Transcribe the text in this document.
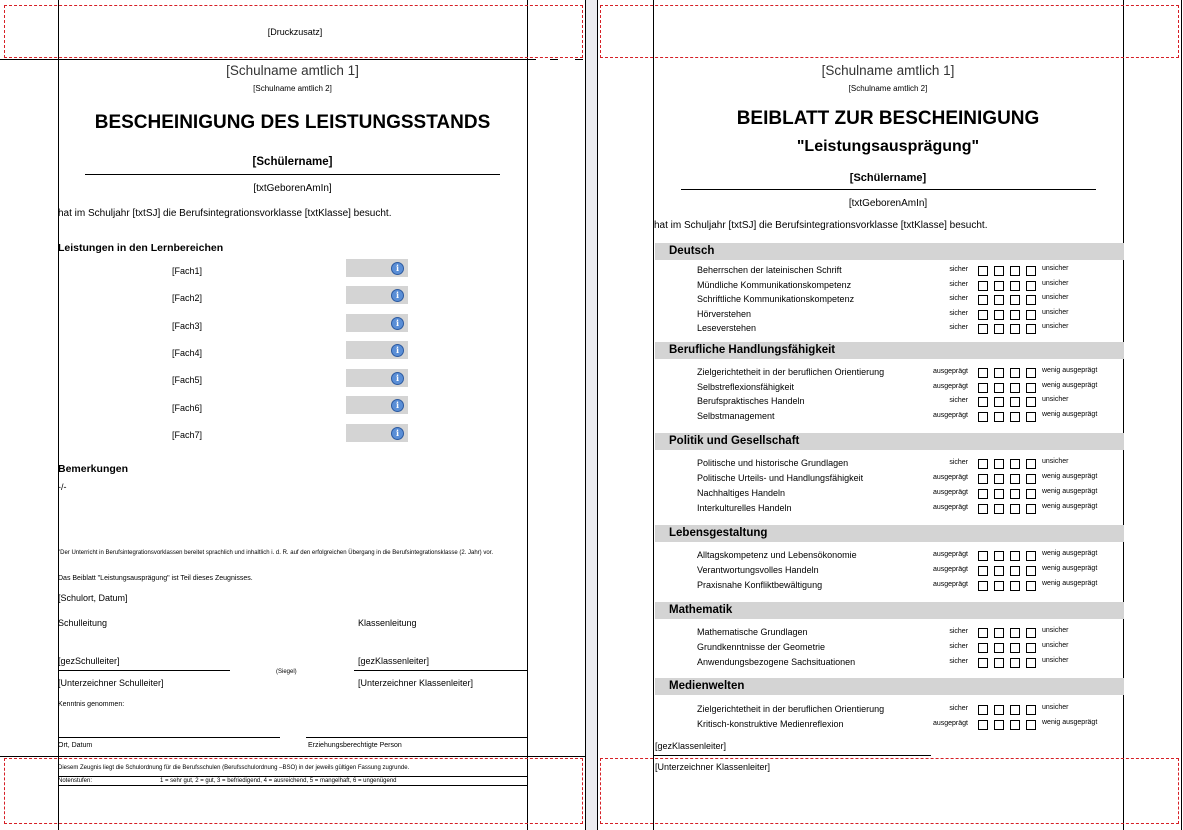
[Druckzusatz]
[Schulname amtlich 1]
[Schulname amtlich 2]
BESCHEINIGUNG DES LEISTUNGSSTANDS
[Schülername]
[txtGeborenAmIn]
hat im Schuljahr [txtSJ] die Berufsintegrationsvorklasse [txtKlasse] besucht.
Leistungen in den Lernbereichen
[Fach1]	i
[Fach2]	i
[Fach3]	i
[Fach4]	i
[Fach5]	i
[Fach6]	i
[Fach7]	i
Bemerkungen
-/-
"Der Unterricht in Berufsintegrationsvorklassen bereitet sprachlich und inhaltlich i. d. R. auf den erfolgreichen Übergang in die Berufsintegrationsklasse (2. Jahr) vor.
Das Beiblatt "Leistungsausprägung" ist Teil dieses Zeugnisses.
[Schulort, Datum]
Schulleitung	Klassenleitung
[gezSchulleiter]	[gezKlassenleiter]
(Siegel)
[Unterzeichner Schulleiter]	[Unterzeichner Klassenleiter]
Kenntnis genommen:
Ort, Datum	Erziehungsberechtigte Person
Diesem Zeugnis liegt die Schulordnung für die Berufsschulen (Berufsschulordnung –BSO) in der jeweils gültigen Fassung zugrunde.
Notenstufen:	1 = sehr gut, 2 = gut, 3 = befriedigend, 4 = ausreichend, 5 = mangelhaft, 6 = ungenügend
[Schulname amtlich 1]
[Schulname amtlich 2]
BEIBLATT ZUR BESCHEINIGUNG
"Leistungsausprägung"
[Schülername]
[txtGeborenAmIn]
hat im Schuljahr [txtSJ] die Berufsintegrationsvorklasse [txtKlasse] besucht.
Deutsch
Beherrschen der lateinischen Schrift	sicher	unsicher
Mündliche Kommunikationskompetenz	sicher	unsicher
Schriftliche Kommunikationskompetenz	sicher	unsicher
Hörverstehen	sicher	unsicher
Leseverstehen	sicher	unsicher
Berufliche Handlungsfähigkeit
Zielgerichtetheit in der beruflichen Orientierung	ausgeprägt	wenig ausgeprägt
Selbstreflexionsfähigkeit	ausgeprägt	wenig ausgeprägt
Berufspraktisches Handeln	sicher	unsicher
Selbstmanagement	ausgeprägt	wenig ausgeprägt
Politik und Gesellschaft
Politische und historische Grundlagen	sicher	unsicher
Politische Urteils- und Handlungsfähigkeit	ausgeprägt	wenig ausgeprägt
Nachhaltiges Handeln	ausgeprägt	wenig ausgeprägt
Interkulturelles Handeln	ausgeprägt	wenig ausgeprägt
Lebensgestaltung
Alltagskompetenz und Lebensökonomie	ausgeprägt	wenig ausgeprägt
Verantwortungsvolles Handeln	ausgeprägt	wenig ausgeprägt
Praxisnahe Konfliktbewältigung	ausgeprägt	wenig ausgeprägt
Mathematik
Mathematische Grundlagen	sicher	unsicher
Grundkenntnisse der Geometrie	sicher	unsicher
Anwendungsbezogene Sachsituationen	sicher	unsicher
Medienwelten
Zielgerichtetheit in der beruflichen Orientierung	sicher	unsicher
Kritisch-konstruktive Medienreflexion	ausgeprägt	wenig ausgeprägt
[gezKlassenleiter]
[Unterzeichner Klassenleiter]
